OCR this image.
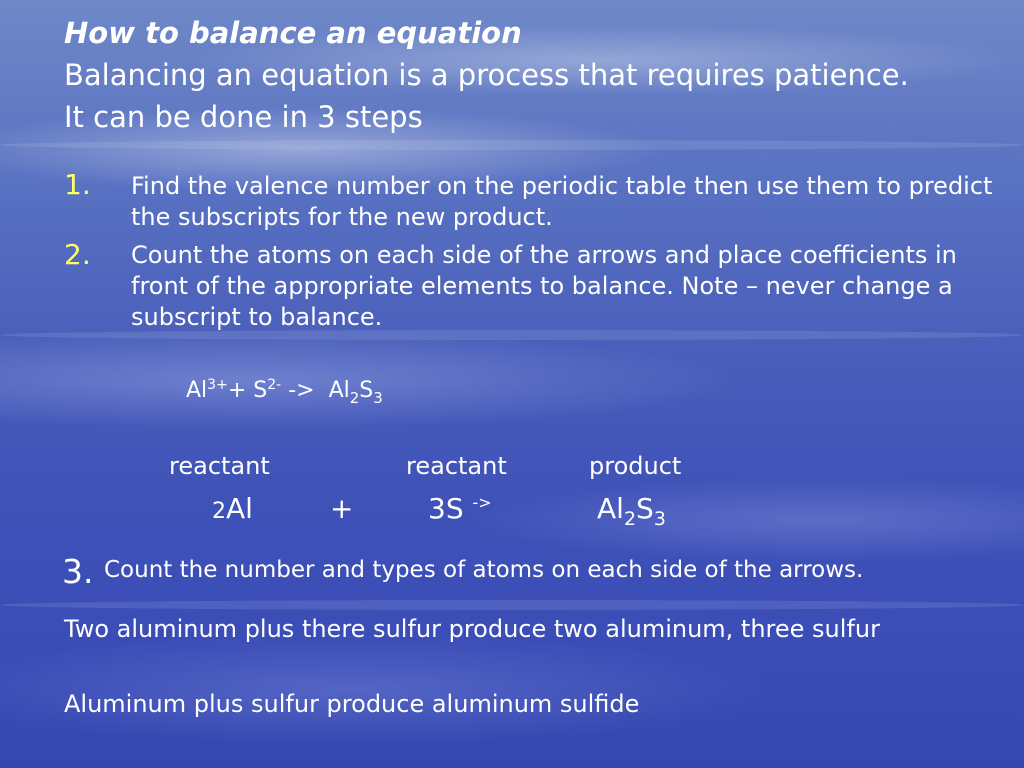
How to balance an equation
Balancing an equation is a process that requires patience.
It can be done in 3 steps
1. Find the valence number on the periodic table then use them to predict the subscripts for the new product.
2. Count the atoms on each side of the arrows and place coefficients in front of the appropriate elements to balance. Note – never change a subscript to balance.
$Al^{3+}+ S^{2-} -> Al_2S_3$
reactant	reactant	product
2Al	+	3S ->	$Al_2S_3$
3. Count the number and types of atoms on each side of the arrows.
Two aluminum plus there sulfur produce two aluminum, three sulfur
Aluminum plus sulfur produce aluminum sulfide
